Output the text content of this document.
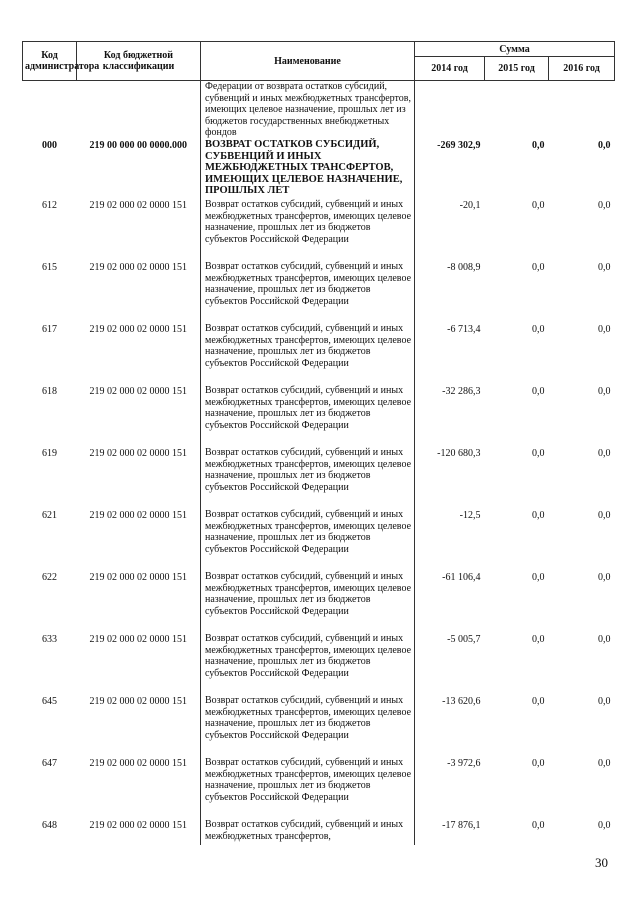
Код администратора	Код бюджетной классификации	Наименование	Сумма		
			2014 год	2015 год	2016 год
		Федерации от возврата остатков субсидий, субвенций и иных межбюджетных трансфертов, имеющих целевое назначение, прошлых лет из бюджетов государственных внебюджетных фондов			
000	219 00 000 00 0000.000	ВОЗВРАТ ОСТАТКОВ СУБСИДИЙ, СУБВЕНЦИЙ И ИНЫХ МЕЖБЮДЖЕТНЫХ ТРАНСФЕРТОВ, ИМЕЮЩИХ ЦЕЛЕВОЕ НАЗНАЧЕНИЕ, ПРОШЛЫХ ЛЕТ	-269 302,9	0,0	0,0
612	219 02 000 02 0000 151	Возврат остатков субсидий, субвенций и иных межбюджетных трансфертов, имеющих целевое назначение, прошлых лет из бюджетов субъектов Российской Федерации	-20,1	0,0	0,0
615	219 02 000 02 0000 151	Возврат остатков субсидий, субвенций и иных межбюджетных трансфертов, имеющих целевое назначение, прошлых лет из бюджетов субъектов Российской Федерации	-8 008,9	0,0	0,0
617	219 02 000 02 0000 151	Возврат остатков субсидий, субвенций и иных межбюджетных трансфертов, имеющих целевое назначение, прошлых лет из бюджетов субъектов Российской Федерации	-6 713,4	0,0	0,0
618	219 02 000 02 0000 151	Возврат остатков субсидий, субвенций и иных межбюджетных трансфертов, имеющих целевое назначение, прошлых лет из бюджетов субъектов Российской Федерации	-32 286,3	0,0	0,0
619	219 02 000 02 0000 151	Возврат остатков субсидий, субвенций и иных межбюджетных трансфертов, имеющих целевое назначение, прошлых лет из бюджетов субъектов Российской Федерации	-120 680,3	0,0	0,0
621	219 02 000 02 0000 151	Возврат остатков субсидий, субвенций и иных межбюджетных трансфертов, имеющих целевое назначение, прошлых лет из бюджетов субъектов Российской Федерации	-12,5	0,0	0,0
622	219 02 000 02 0000 151	Возврат остатков субсидий, субвенций и иных межбюджетных трансфертов, имеющих целевое назначение, прошлых лет из бюджетов субъектов Российской Федерации	-61 106,4	0,0	0,0
633	219 02 000 02 0000 151	Возврат остатков субсидий, субвенций и иных межбюджетных трансфертов, имеющих целевое назначение, прошлых лет из бюджетов субъектов Российской Федерации	-5 005,7	0,0	0,0
645	219 02 000 02 0000 151	Возврат остатков субсидий, субвенций и иных межбюджетных трансфертов, имеющих целевое назначение, прошлых лет из бюджетов субъектов Российской Федерации	-13 620,6	0,0	0,0
647	219 02 000 02 0000 151	Возврат остатков субсидий, субвенций и иных межбюджетных трансфертов, имеющих целевое назначение, прошлых лет из бюджетов субъектов Российской Федерации	-3 972,6	0,0	0,0
648	219 02 000 02 0000 151	Возврат остатков субсидий, субвенций и иных межбюджетных трансфертов,	-17 876,1	0,0	0,0
30
